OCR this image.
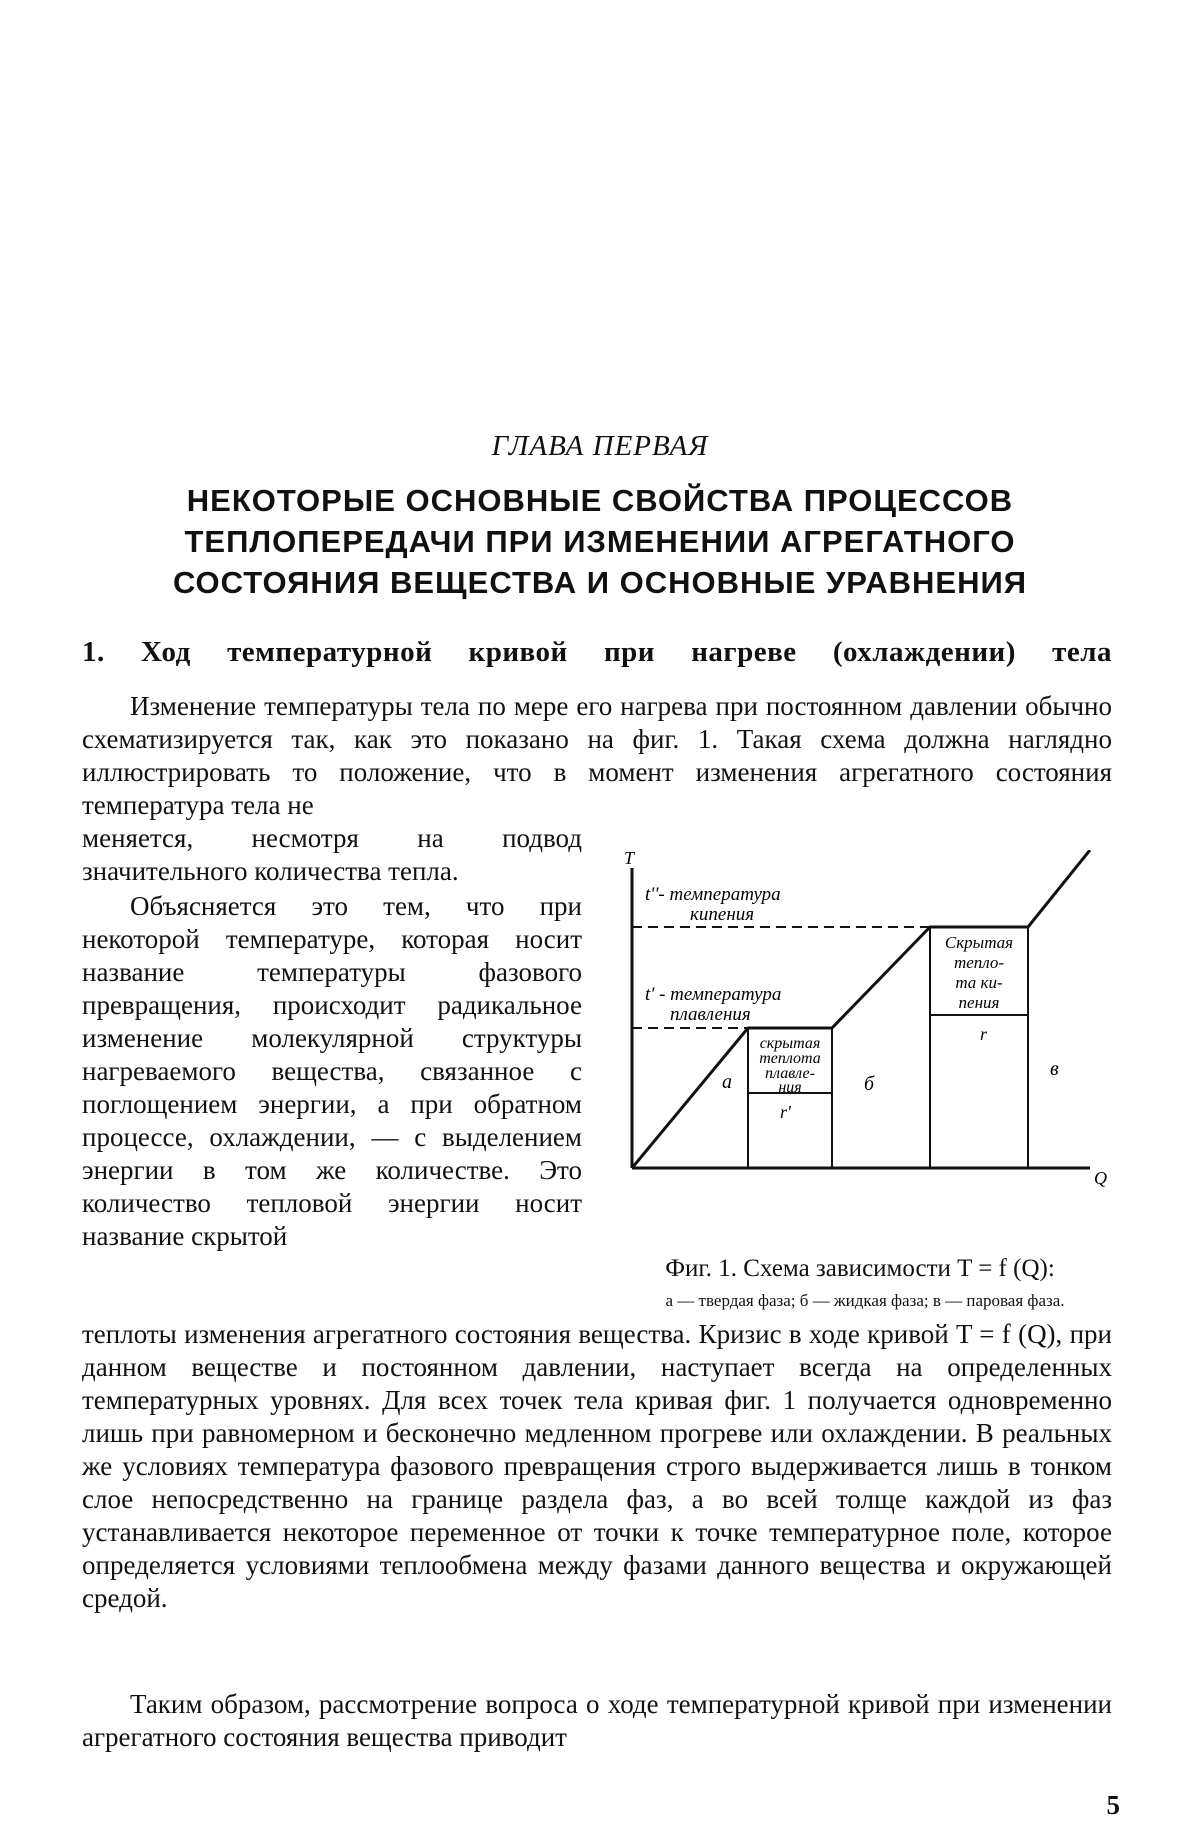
ГЛАВА ПЕРВАЯ
НЕКОТОРЫЕ ОСНОВНЫЕ СВОЙСТВА ПРОЦЕССОВ ТЕПЛОПЕРЕДАЧИ ПРИ ИЗМЕНЕНИИ АГРЕГАТНОГО СОСТОЯНИЯ ВЕЩЕСТВА И ОСНОВНЫЕ УРАВНЕНИЯ
1. Ход температурной кривой при нагреве (охлаждении) тела

Изменение температуры тела по мере его нагрева при постоянном давлении обычно схематизируется так, как это показано на фиг. 1. Такая схема должна наглядно иллюстрировать то положение, что в момент изменения агрегатного состояния температура тела не

меняется, несмотря на подвод значительного количества тепла.

Объясняется это тем, что при некоторой температуре, которая носит название температуры фазового превращения, происходит радикальное изменение молекулярной структуры нагреваемого вещества, связанное с поглощением энергии, а при обратном процессе, охлаждении, — с выделением энергии в том же количестве. Это количество тепловой энергии носит название скрытой

T
Q
t''- температура
кипения
t' - температура
плавления
скрытая
теплота
плавле-
ния
Скрытая
тепло-
та ки-
пения
а	б
в
r'
r
Фиг. 1. Схема зависимости T = f (Q):
а — твердая фаза; б — жидкая фаза; в — паровая фаза.

теплоты изменения агрегатного состояния вещества. Кризис в ходе кривой T = f (Q), при данном веществе и постоянном давлении, наступает всегда на определенных температурных уровнях. Для всех точек тела кривая фиг. 1 получается одновременно лишь при равномерном и бесконечно медленном прогреве или охлаждении. В реальных же условиях температура фазового превращения строго выдерживается лишь в тонком слое непосредственно на границе раздела фаз, а во всей толще каждой из фаз устанавливается некоторое переменное от точки к точке температурное поле, которое определяется условиями теплообмена между фазами данного вещества и окружающей средой.

Таким образом, рассмотрение вопроса о ходе температурной кривой при изменении агрегатного состояния вещества приводит

5
